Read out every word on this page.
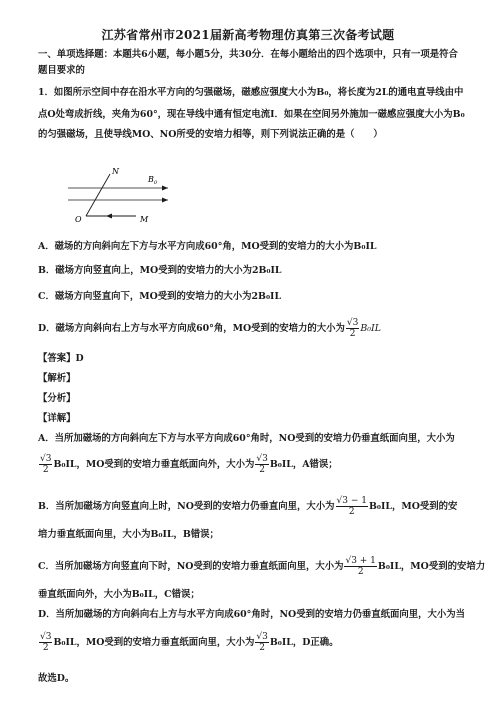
江苏省常州市2021届新高考物理仿真第三次备考试题
一、单项选择题：本题共6小题，每小题5分，共30分．在每小题给出的四个选项中，只有一项是符合
题目要求的
1．如图所示空间中存在沿水平方向的匀强磁场，磁感应强度大小为B₀，将长度为2L的通电直导线由中
点O处弯成折线，夹角为60°，现在导线中通有恒定电流I．如果在空间另外施加一磁感应强度大小为B₀
的匀强磁场，且使导线MO、NO所受的安培力相等，则下列说法正确的是（　　）
N
$B_0$
O	M
A．磁场的方向斜向左下方与水平方向成60°角，MO受到的安培力的大小为B₀IL
B．磁场方向竖直向上，MO受到的安培力的大小为2B₀IL
C．磁场方向竖直向下，MO受到的安培力的大小为2B₀IL
D．磁场方向斜向右上方与水平方向成60°角，MO受到的安培力的大小为 $\frac{√3}{2} B_0IL$
【答案】D
【解析】
【分析】
【详解】
A．当所加磁场的方向斜向左下方与水平方向成60°角时，NO受到的安培力仍垂直纸面向里，大小为
$\frac{√3}{2} B_0IL$，MO受到的安培力垂直纸面向外，大小为 $\frac{√3}{2} B_0IL$，A错误；
B．当所加磁场方向竖直向上时，NO受到的安培力仍垂直向里，大小为 $\frac{√3 - 1}{2} B_0IL$，MO受到的安
培力垂直纸面向里，大小为B₀IL，B错误；
C．当所加磁场方向竖直向下时，NO受到的安培力垂直纸面向里，大小为 $\frac{√3 + 1}{2} B_0IL$，MO受到的安培力
垂直纸面向外，大小为B₀IL，C错误；
D．当所加磁场的方向斜向右上方与水平方向成60°角时，NO受到的安培力仍垂直纸面向里，大小为当
$\frac{√3}{2} B_0IL$，MO受到的安培力垂直纸面向里，大小为 $\frac{√3}{2} B_0IL$，D正确。
故选D。
